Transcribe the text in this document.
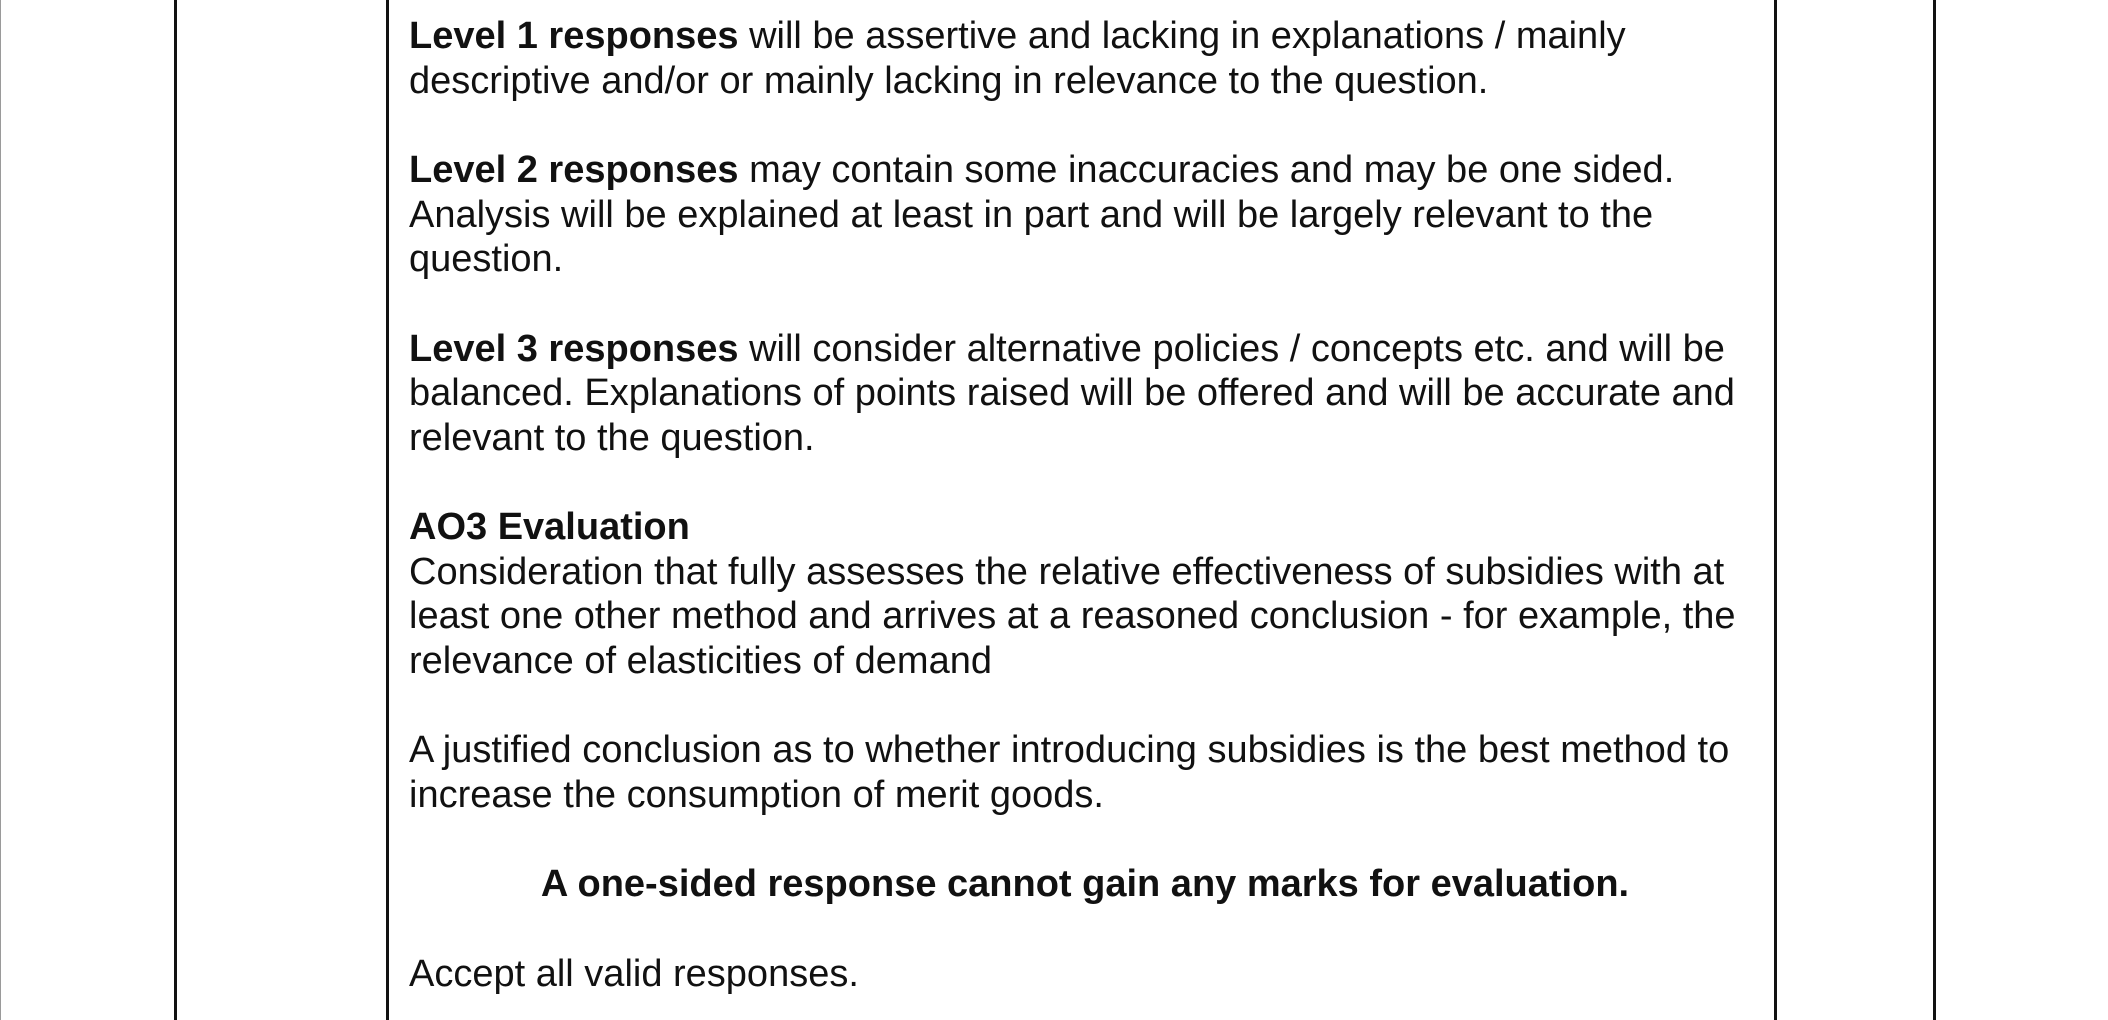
Level 1 responses will be assertive and lacking in explanations / mainly descriptive and/or or mainly lacking in relevance to the question.

Level 2 responses may contain some inaccuracies and may be one sided. Analysis will be explained at least in part and will be largely relevant to the question.

Level 3 responses will consider alternative policies / concepts etc. and will be balanced. Explanations of points raised will be offered and will be accurate and relevant to the question.

AO3 Evaluation

Consideration that fully assesses the relative effectiveness of subsidies with at least one other method and arrives at a reasoned conclusion - for example, the relevance of elasticities of demand

A justified conclusion as to whether introducing subsidies is the best method to increase the consumption of merit goods.

A one-sided response cannot gain any marks for evaluation.

Accept all valid responses.
